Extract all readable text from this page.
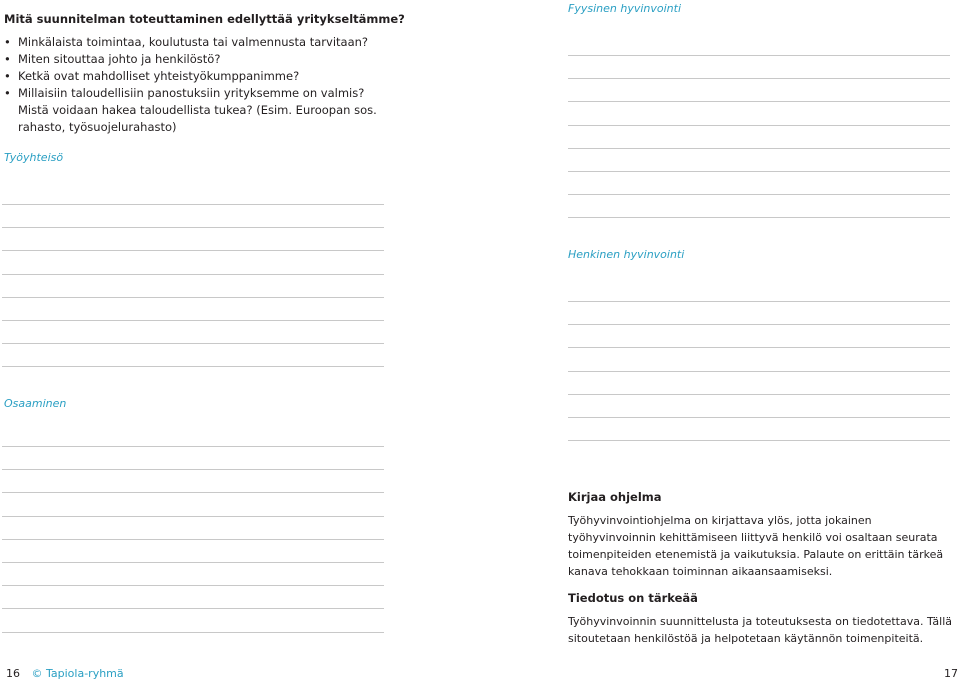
Mitä suunnitelman toteuttaminen edellyttää yritykseltämme?
• Minkälaista toimintaa, koulutusta tai valmennusta tarvitaan?
• Miten sitouttaa johto ja henkilöstö?
• Ketkä ovat mahdolliset yhteistyökumppanimme?
• Millaisiin taloudellisiin panostuksiin yrityksemme on valmis? Mistä voidaan hakea taloudellista tukea? (Esim. Euroopan sos. rahasto, työsuojelurahasto)
Työyhteisö
Osaaminen
Fyysinen hyvinvointi
Henkinen hyvinvointi
Kirjaa ohjelma

Työhyvinvointiohjelma on kirjattava ylös, jotta jokainen työhyvinvoinnin kehittämiseen liittyvä henkilö voi osaltaan seurata toimenpiteiden etenemistä ja vaikutuksia. Palaute on erittäin tärkeä kanava tehokkaan toiminnan aikaansaamiseksi.

Tiedotus on tärkeää

Työhyvinvoinnin suunnittelusta ja toteutuksesta on tiedotettava. Tällä sitoutetaan henkilöstöä ja helpotetaan käytännön toimenpiteitä.

16 © Tapiola-ryhmä	17
